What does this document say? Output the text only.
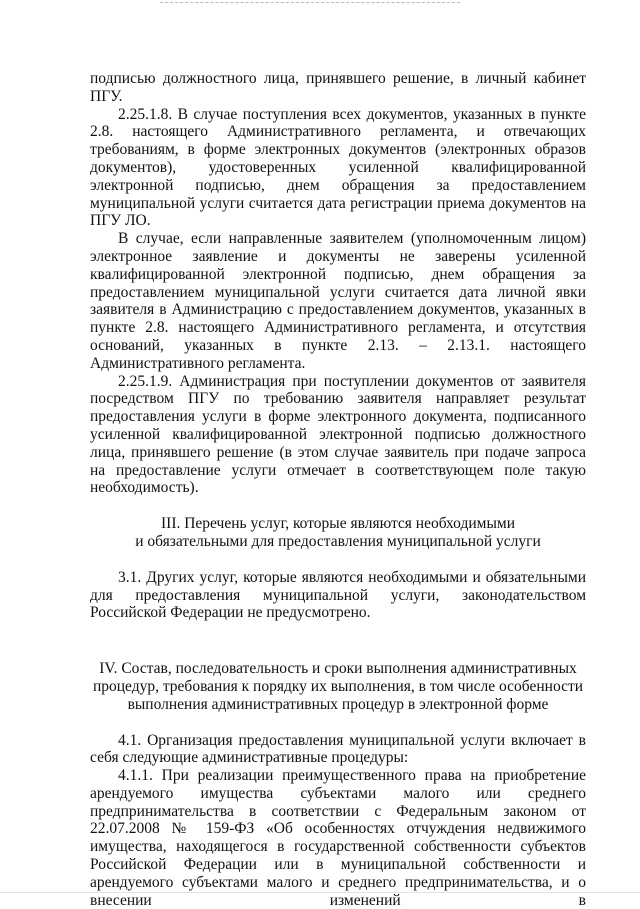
подписью должностного лица, принявшего решение, в личный кабинет ПГУ.

2.25.1.8. В случае поступления всех документов, указанных в пункте 2.8. настоящего Административного регламента, и отвечающих требованиям, в форме электронных документов (электронных образов документов), удостоверенных усиленной квалифицированной электронной подписью, днем обращения за предоставлением муниципальной услуги считается дата регистрации приема документов на ПГУ ЛО.

В случае, если направленные заявителем (уполномоченным лицом) электронное заявление и документы не заверены усиленной квалифицированной электронной подписью, днем обращения за предоставлением муниципальной услуги считается дата личной явки заявителя в Администрацию с предоставлением документов, указанных в пункте 2.8. настоящего Административного регламента, и отсутствия оснований, указанных в пункте 2.13. – 2.13.1. настоящего Административного регламента.

2.25.1.9. Администрация при поступлении документов от заявителя посредством ПГУ по требованию заявителя направляет результат предоставления услуги в форме электронного документа, подписанного усиленной квалифицированной электронной подписью должностного лица, принявшего решение (в этом случае заявитель при подаче запроса на предоставление услуги отмечает в соответствующем поле такую необходимость).

III. Перечень услуг, которые являются необходимыми
и обязательными для предоставления муниципальной услуги

3.1. Других услуг, которые являются необходимыми и обязательными для предоставления муниципальной услуги, законодательством Российской Федерации не предусмотрено.

IV. Состав, последовательность и сроки выполнения административных
процедур, требования к порядку их выполнения, в том числе особенности
выполнения административных процедур в электронной форме

4.1. Организация предоставления муниципальной услуги включает в себя следующие административные процедуры:

4.1.1. При реализации преимущественного права на приобретение арендуемого имущества субъектами малого или среднего предпринимательства в соответствии с Федеральным законом от 22.07.2008 № 159-ФЗ «Об особенностях отчуждения недвижимого имущества, находящегося в государственной собственности субъектов Российской Федерации или в муниципальной собственности и арендуемого субъектами малого и среднего предпринимательства, и о внесении изменений в
